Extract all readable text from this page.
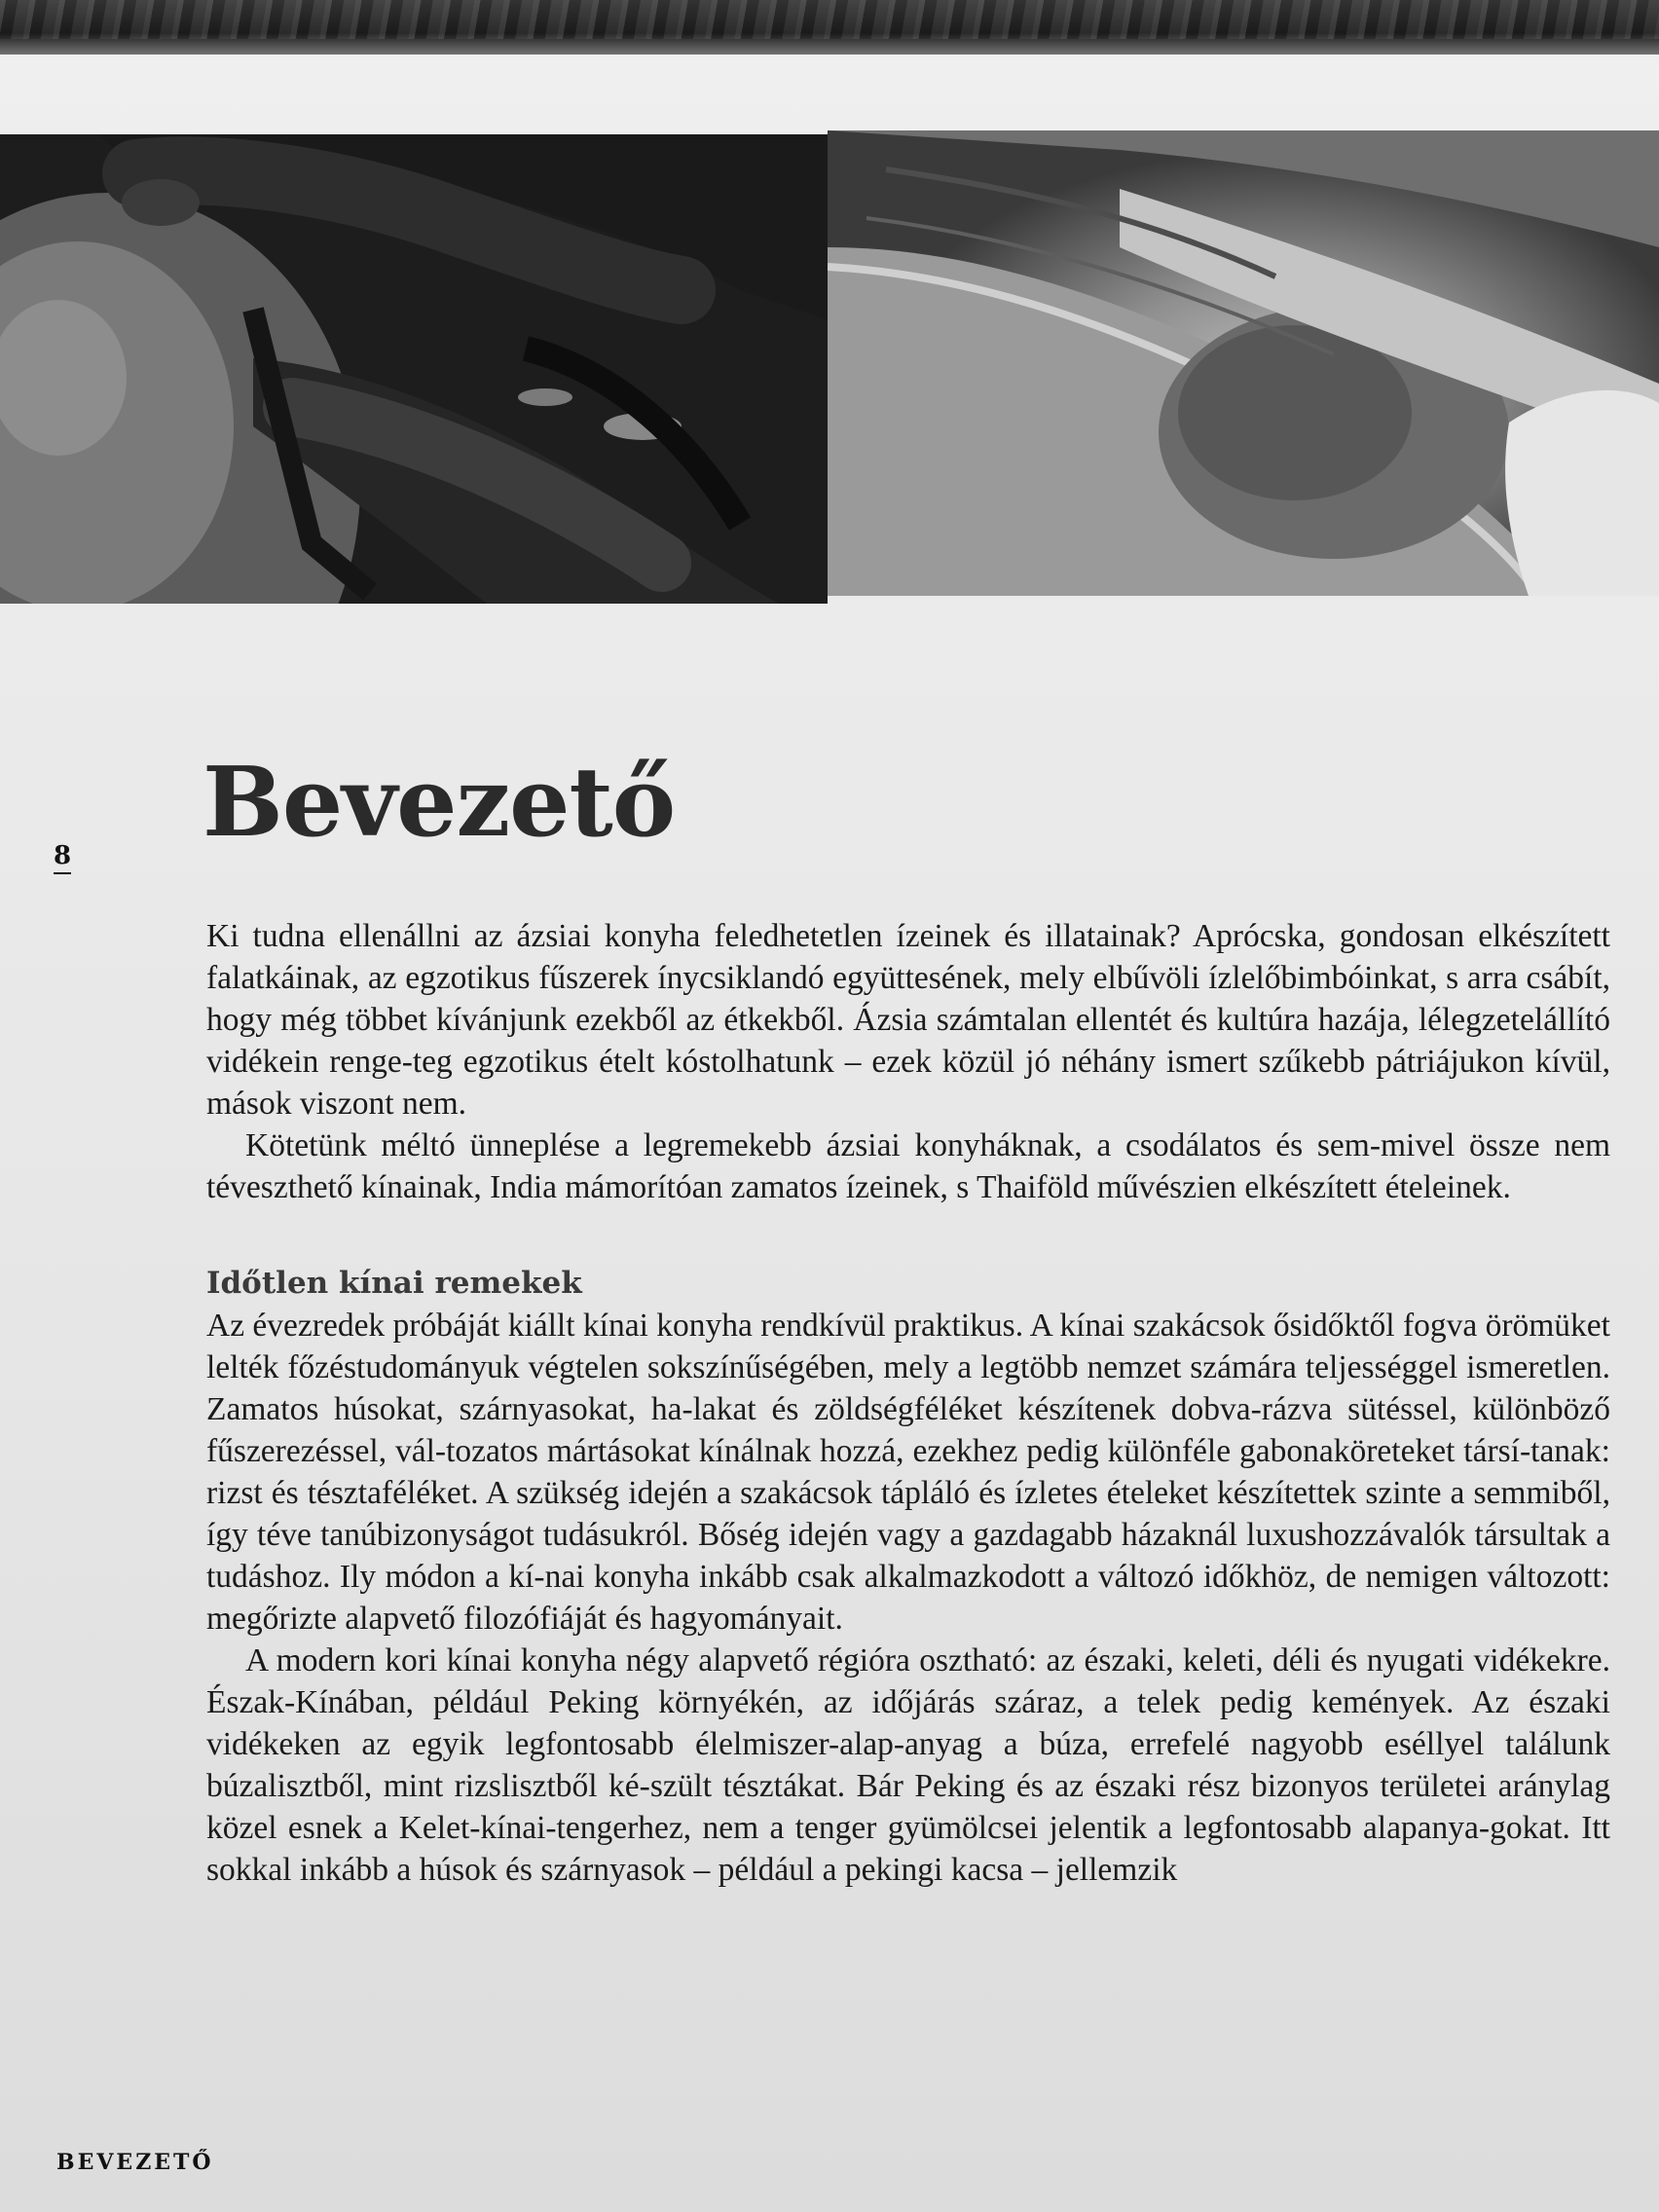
8 Bevezető

Ki tudna ellenállni az ázsiai konyha feledhetetlen ízeinek és illatainak? Aprócska, gondosan elkészített falatkáinak, az egzotikus fűszerek ínycsiklandó együttesének, mely elbűvöli ízlelőbimbóinkat, s arra csábít, hogy még többet kívánjunk ezekből az étkekből. Ázsia számtalan ellentét és kultúra hazája, lélegzetelállító vidékein renge-teg egzotikus ételt kóstolhatunk – ezek közül jó néhány ismert szűkebb pátriájukon kívül, mások viszont nem.

Kötetünk méltó ünneplése a legremekebb ázsiai konyháknak, a csodálatos és sem-mivel össze nem téveszthető kínainak, India mámorítóan zamatos ízeinek, s Thaiföld művészien elkészített ételeinek.

Időtlen kínai remekek

Az évezredek próbáját kiállt kínai konyha rendkívül praktikus. A kínai szakácsok ősidőktől fogva örömüket lelték főzéstudományuk végtelen sokszínűségében, mely a legtöbb nemzet számára teljességgel ismeretlen. Zamatos húsokat, szárnyasokat, ha-lakat és zöldségféléket készítenek dobva-rázva sütéssel, különböző fűszerezéssel, vál-tozatos mártásokat kínálnak hozzá, ezekhez pedig különféle gabonaköreteket társí-tanak: rizst és tésztaféléket. A szükség idején a szakácsok tápláló és ízletes ételeket készítettek szinte a semmiből, így téve tanúbizonyságot tudásukról. Bőség idején vagy a gazdagabb házaknál luxushozzávalók társultak a tudáshoz. Ily módon a kí-nai konyha inkább csak alkalmazkodott a változó időkhöz, de nemigen változott: megőrizte alapvető filozófiáját és hagyományait.

A modern kori kínai konyha négy alapvető régióra osztható: az északi, keleti, déli és nyugati vidékekre. Észak-Kínában, például Peking környékén, az időjárás száraz, a telek pedig kemények. Az északi vidékeken az egyik legfontosabb élelmiszer-alap-anyag a búza, errefelé nagyobb eséllyel találunk búzalisztből, mint rizslisztből ké-szült tésztákat. Bár Peking és az északi rész bizonyos területei aránylag közel esnek a Kelet-kínai-tengerhez, nem a tenger gyümölcsei jelentik a legfontosabb alapanya-gokat. Itt sokkal inkább a húsok és szárnyasok – például a pekingi kacsa – jellemzik

BEVEZETŐ
